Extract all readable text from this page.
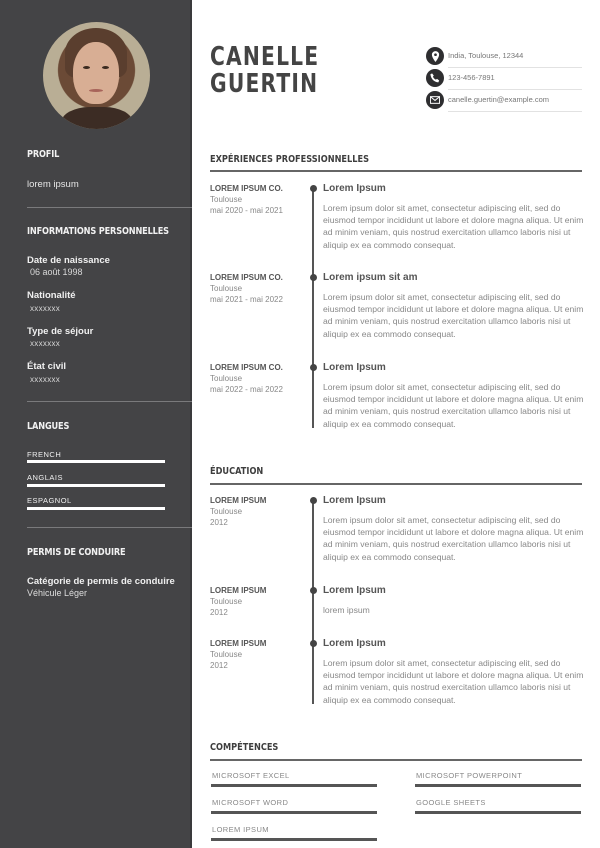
PROFIL
lorem ipsum
INFORMATIONS PERSONNELLES
Date de naissance
06 août 1998
Nationalité
xxxxxxx
Type de séjour
xxxxxxx
État civil
xxxxxxx
LANGUES
FRENCH
ANGLAIS
ESPAGNOL
PERMIS DE CONDUIRE
Catégorie de permis de conduire
Véhicule Léger
CANELLE
GUERTIN
India, Toulouse, 12344
123-456-7891
canelle.guertin@example.com
EXPÉRIENCES PROFESSIONNELLES
LOREM IPSUM CO.
Toulouse
mai 2020 - mai 2021
Lorem Ipsum
Lorem ipsum dolor sit amet, consectetur adipiscing elit, sed do eiusmod tempor incididunt ut labore et dolore magna aliqua. Ut enim ad minim veniam, quis nostrud exercitation ullamco laboris nisi ut aliquip ex ea commodo consequat.
LOREM IPSUM CO.
Toulouse
mai 2021 - mai 2022
Lorem ipsum sit am
Lorem ipsum dolor sit amet, consectetur adipiscing elit, sed do eiusmod tempor incididunt ut labore et dolore magna aliqua. Ut enim ad minim veniam, quis nostrud exercitation ullamco laboris nisi ut aliquip ex ea commodo consequat.
LOREM IPSUM CO.
Toulouse
mai 2022 - mai 2022
Lorem Ipsum
Lorem ipsum dolor sit amet, consectetur adipiscing elit, sed do eiusmod tempor incididunt ut labore et dolore magna aliqua. Ut enim ad minim veniam, quis nostrud exercitation ullamco laboris nisi ut aliquip ex ea commodo consequat.
ÉDUCATION
LOREM IPSUM
Toulouse
2012
Lorem Ipsum
Lorem ipsum dolor sit amet, consectetur adipiscing elit, sed do eiusmod tempor incididunt ut labore et dolore magna aliqua. Ut enim ad minim veniam, quis nostrud exercitation ullamco laboris nisi ut aliquip ex ea commodo consequat.
LOREM IPSUM
Toulouse
2012
Lorem Ipsum
lorem ipsum
LOREM IPSUM
Toulouse
2012
Lorem Ipsum
Lorem ipsum dolor sit amet, consectetur adipiscing elit, sed do eiusmod tempor incididunt ut labore et dolore magna aliqua. Ut enim ad minim veniam, quis nostrud exercitation ullamco laboris nisi ut aliquip ex ea commodo consequat.
COMPÉTENCES
MICROSOFT EXCEL	MICROSOFT POWERPOINT
MICROSOFT WORD	GOOGLE SHEETS
LOREM IPSUM
